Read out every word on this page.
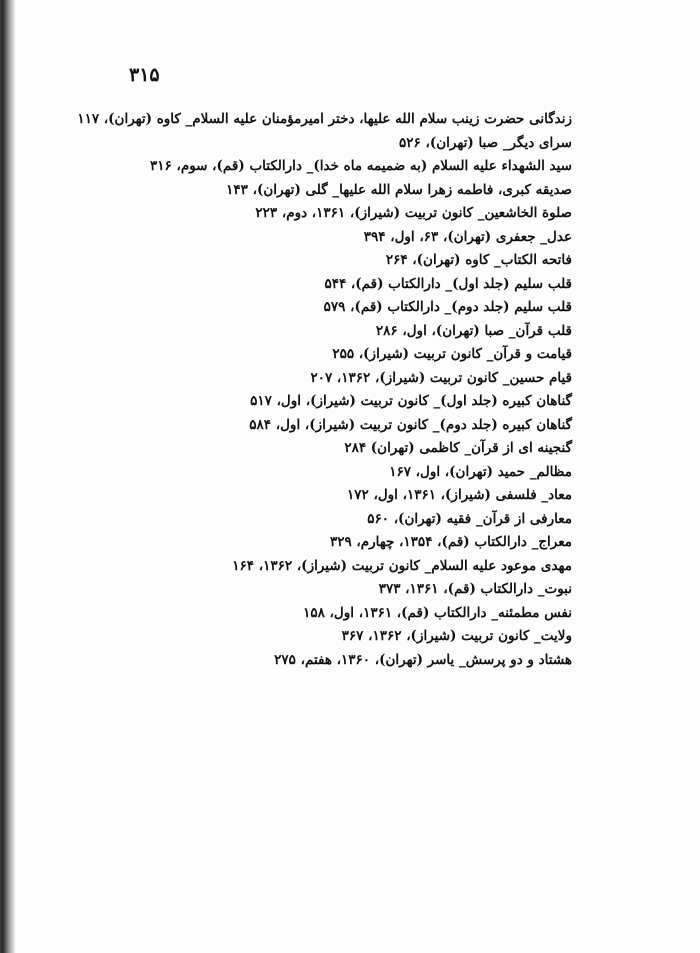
۳۱۵
زندگانی حضرت زینب سلام الله علیها، دختر امیرمؤمنان علیه السلام_ کاوه (تهران)، ۱۱۷
سرای دیگر_ صبا (تهران)، ۵۲۶
سید الشهداء علیه السلام (به ضمیمه ماه خدا)_ دارالکتاب (قم)، سوم، ۳۱۶
صدیقه کبری، فاطمه زهرا سلام الله علیها_ گلی (تهران)، ۱۴۳
صلوة الخاشعین_ کانون تربیت (شیراز)، ۱۳۶۱، دوم، ۲۲۳
عدل_ جعفری (تهران)، ۶۳، اول، ۳۹۴
فاتحه الکتاب_ کاوه (تهران)، ۲۶۴
قلب سلیم (جلد اول)_ دارالکتاب (قم)، ۵۴۴
قلب سلیم (جلد دوم)_ دارالکتاب (قم)، ۵۷۹
قلب قرآن_ صبا (تهران)، اول، ۲۸۶
قیامت و قرآن_ کانون تربیت (شیراز)، ۲۵۵
قیام حسین_ کانون تربیت (شیراز)، ۱۳۶۲، ۲۰۷
گناهان کبیره (جلد اول)_ کانون تربیت (شیراز)، اول، ۵۱۷
گناهان کبیره (جلد دوم)_ کانون تربیت (شیراز)، اول، ۵۸۴
گنجینه ای از قرآن_ کاظمی (تهران) ۲۸۴
مظالم_ حمید (تهران)، اول، ۱۶۷
معاد_ فلسفی (شیراز)، ۱۳۶۱، اول، ۱۷۲
معارفی از قرآن_ فقیه (تهران)، ۵۶۰
معراج_ دارالکتاب (قم)، ۱۳۵۴، چهارم، ۳۲۹
مهدی موعود علیه السلام_ کانون تربیت (شیراز)، ۱۳۶۲، ۱۶۴
نبوت_ دارالکتاب (قم)، ۱۳۶۱، ۳۷۳
نفس مطمئنه_ دارالکتاب (قم)، ۱۳۶۱، اول، ۱۵۸
ولایت_ کانون تربیت (شیراز)، ۱۳۶۲، ۳۶۷
هشتاد و دو پرسش_ یاسر (تهران)، ۱۳۶۰، هفتم، ۲۷۵
